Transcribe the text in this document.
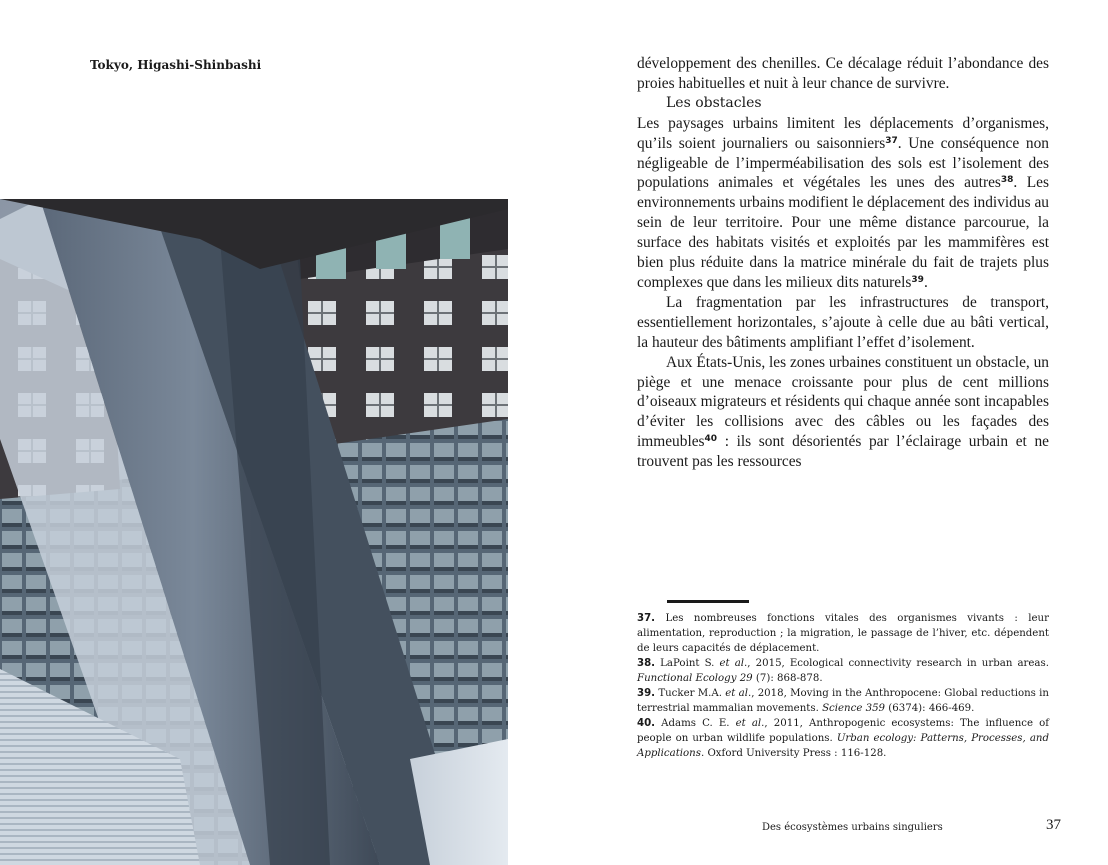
Tokyo, Higashi-Shinbashi	développement des chenilles. Ce décalage réduit l’abondance des proies habituelles et nuit à leur chance de survivre.

Les obstacles

Les paysages urbains limitent les déplacements d’organismes, qu’ils soient journaliers ou saisonniers$^{37}$. Une conséquence non négligeable de l’imperméabilisation des sols est l’isolement des populations animales et végétales les unes des autres$^{38}$. Les environnements urbains modifient le déplacement des individus au sein de leur territoire. Pour une même distance parcourue, la surface des habitats visités et exploités par les mammifères est bien plus réduite dans la matrice minérale du fait de trajets plus complexes que dans les milieux dits naturels$^{39}$.

La fragmentation par les infrastructures de transport, essentiellement horizontales, s’ajoute à celle due au bâti vertical, la hauteur des bâtiments amplifiant l’effet d’isolement.

Aux États-Unis, les zones urbaines constituent un obstacle, un piège et une menace croissante pour plus de cent millions d’oiseaux migrateurs et résidents qui chaque année sont incapables d’éviter les collisions avec des câbles ou les façades des immeubles$^{40}$ : ils sont désorientés par l’éclairage urbain et ne trouvent pas les ressources

37. Les nombreuses fonctions vitales des organismes vivants : leur alimentation, reproduction ; la migration, le passage de l’hiver, etc. dépendent de leurs capacités de déplacement.

38. LaPoint S. et al., 2015, Ecological connectivity research in urban areas. Functional Ecology 29 (7): 868-878.

39. Tucker M.A. et al., 2018, Moving in the Anthropocene: Global reductions in terrestrial mammalian movements. Science 359 (6374): 466-469.

40. Adams C. E. et al., 2011, Anthropogenic ecosystems: The influence of people on urban wildlife populations. Urban ecology: Patterns, Processes, and Applications. Oxford University Press : 116-128.

Des écosystèmes urbains singuliers	37
